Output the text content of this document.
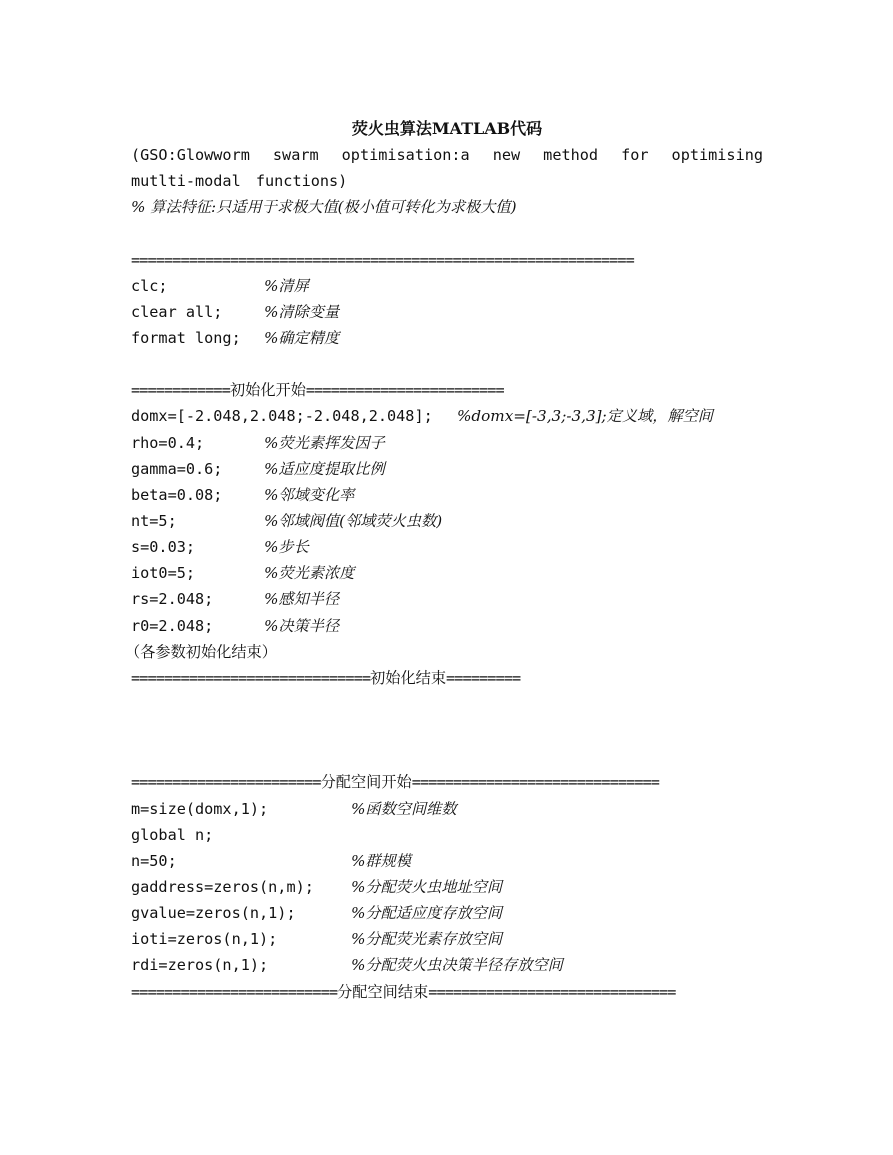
荧火虫算法MATLAB代码
(GSO:Glowworm swarm optimisation:a new method for optimising mutlti-modal functions)
% 算法特征:只适用于求极大值(极小值可转化为求极大值)
=============================================================
clc;	%清屏
clear all;	%清除变量
format long;	%确定精度
============初始化开始========================
domx=[-2.048,2.048;-2.048,2.048];	%domx=[-3,3;-3,3];定义域，解空间
rho=0.4;	%荧光素挥发因子
gamma=0.6;	%适应度提取比例
beta=0.08;	%邻域变化率
nt=5;	%邻域阀值(邻域荧火虫数)
s=0.03;	%步长
iot0=5;	%荧光素浓度
rs=2.048;	%感知半径
r0=2.048;	%决策半径
（各参数初始化结束）
=============================初始化结束=========
=======================分配空间开始==============================
m=size(domx,1);	%函数空间维数
global n;
n=50;	%群规模
gaddress=zeros(n,m);	%分配荧火虫地址空间
gvalue=zeros(n,1);	%分配适应度存放空间
ioti=zeros(n,1);	%分配荧光素存放空间
rdi=zeros(n,1);	%分配荧火虫决策半径存放空间
=========================分配空间结束==============================
